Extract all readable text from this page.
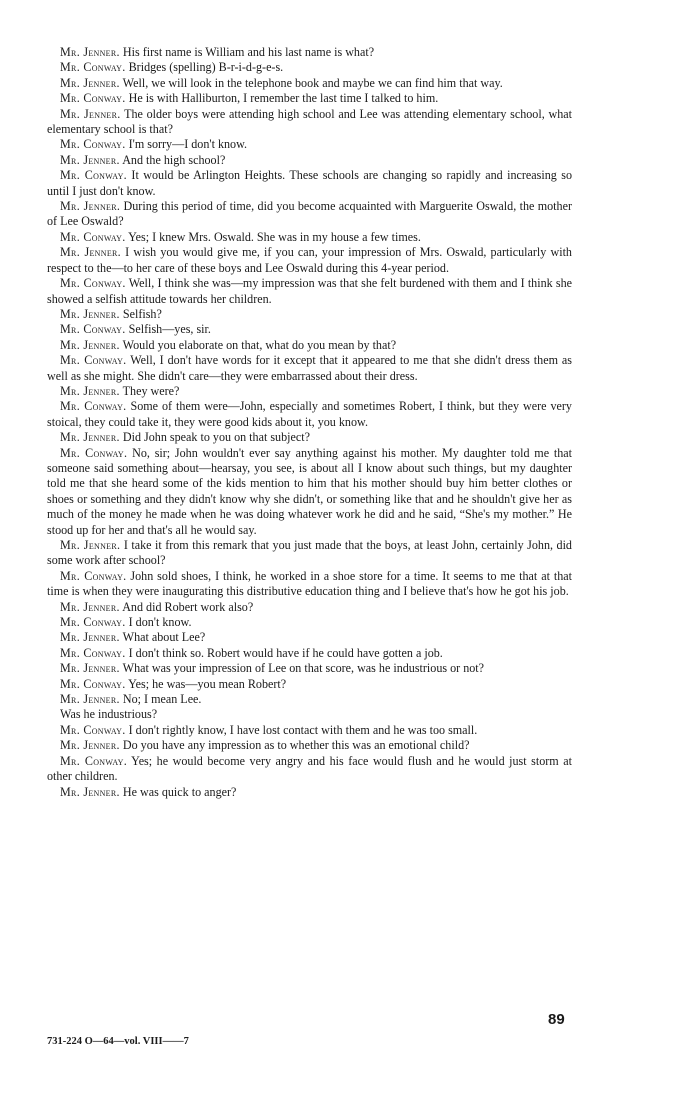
Mr. Jenner. His first name is William and his last name is what?

Mr. Conway. Bridges (spelling) B-r-i-d-g-e-s.

Mr. Jenner. Well, we will look in the telephone book and maybe we can find him that way.

Mr. Conway. He is with Halliburton, I remember the last time I talked to him.

Mr. Jenner. The older boys were attending high school and Lee was attending elementary school, what elementary school is that?

Mr. Conway. I'm sorry—I don't know.

Mr. Jenner. And the high school?

Mr. Conway. It would be Arlington Heights. These schools are changing so rapidly and increasing so until I just don't know.

Mr. Jenner. During this period of time, did you become acquainted with Marguerite Oswald, the mother of Lee Oswald?

Mr. Conway. Yes; I knew Mrs. Oswald. She was in my house a few times.

Mr. Jenner. I wish you would give me, if you can, your impression of Mrs. Oswald, particularly with respect to the—to her care of these boys and Lee Oswald during this 4-year period.

Mr. Conway. Well, I think she was—my impression was that she felt burdened with them and I think she showed a selfish attitude towards her children.

Mr. Jenner. Selfish?

Mr. Conway. Selfish—yes, sir.

Mr. Jenner. Would you elaborate on that, what do you mean by that?

Mr. Conway. Well, I don't have words for it except that it appeared to me that she didn't dress them as well as she might. She didn't care—they were embarrassed about their dress.

Mr. Jenner. They were?

Mr. Conway. Some of them were—John, especially and sometimes Robert, I think, but they were very stoical, they could take it, they were good kids about it, you know.

Mr. Jenner. Did John speak to you on that subject?

Mr. Conway. No, sir; John wouldn't ever say anything against his mother. My daughter told me that someone said something about—hearsay, you see, is about all I know about such things, but my daughter told me that she heard some of the kids mention to him that his mother should buy him better clothes or shoes or something and they didn't know why she didn't, or something like that and he shouldn't give her as much of the money he made when he was doing whatever work he did and he said, “She's my mother.” He stood up for her and that's all he would say.

Mr. Jenner. I take it from this remark that you just made that the boys, at least John, certainly John, did some work after school?

Mr. Conway. John sold shoes, I think, he worked in a shoe store for a time. It seems to me that at that time is when they were inaugurating this distributive education thing and I believe that's how he got his job.

Mr. Jenner. And did Robert work also?

Mr. Conway. I don't know.

Mr. Jenner. What about Lee?

Mr. Conway. I don't think so. Robert would have if he could have gotten a job.

Mr. Jenner. What was your impression of Lee on that score, was he industrious or not?

Mr. Conway. Yes; he was—you mean Robert?

Mr. Jenner. No; I mean Lee.

Was he industrious?

Mr. Conway. I don't rightly know, I have lost contact with them and he was too small.

Mr. Jenner. Do you have any impression as to whether this was an emotional child?

Mr. Conway. Yes; he would become very angry and his face would flush and he would just storm at other children.

Mr. Jenner. He was quick to anger?

89
731-224 O—64—vol. VIII——7
